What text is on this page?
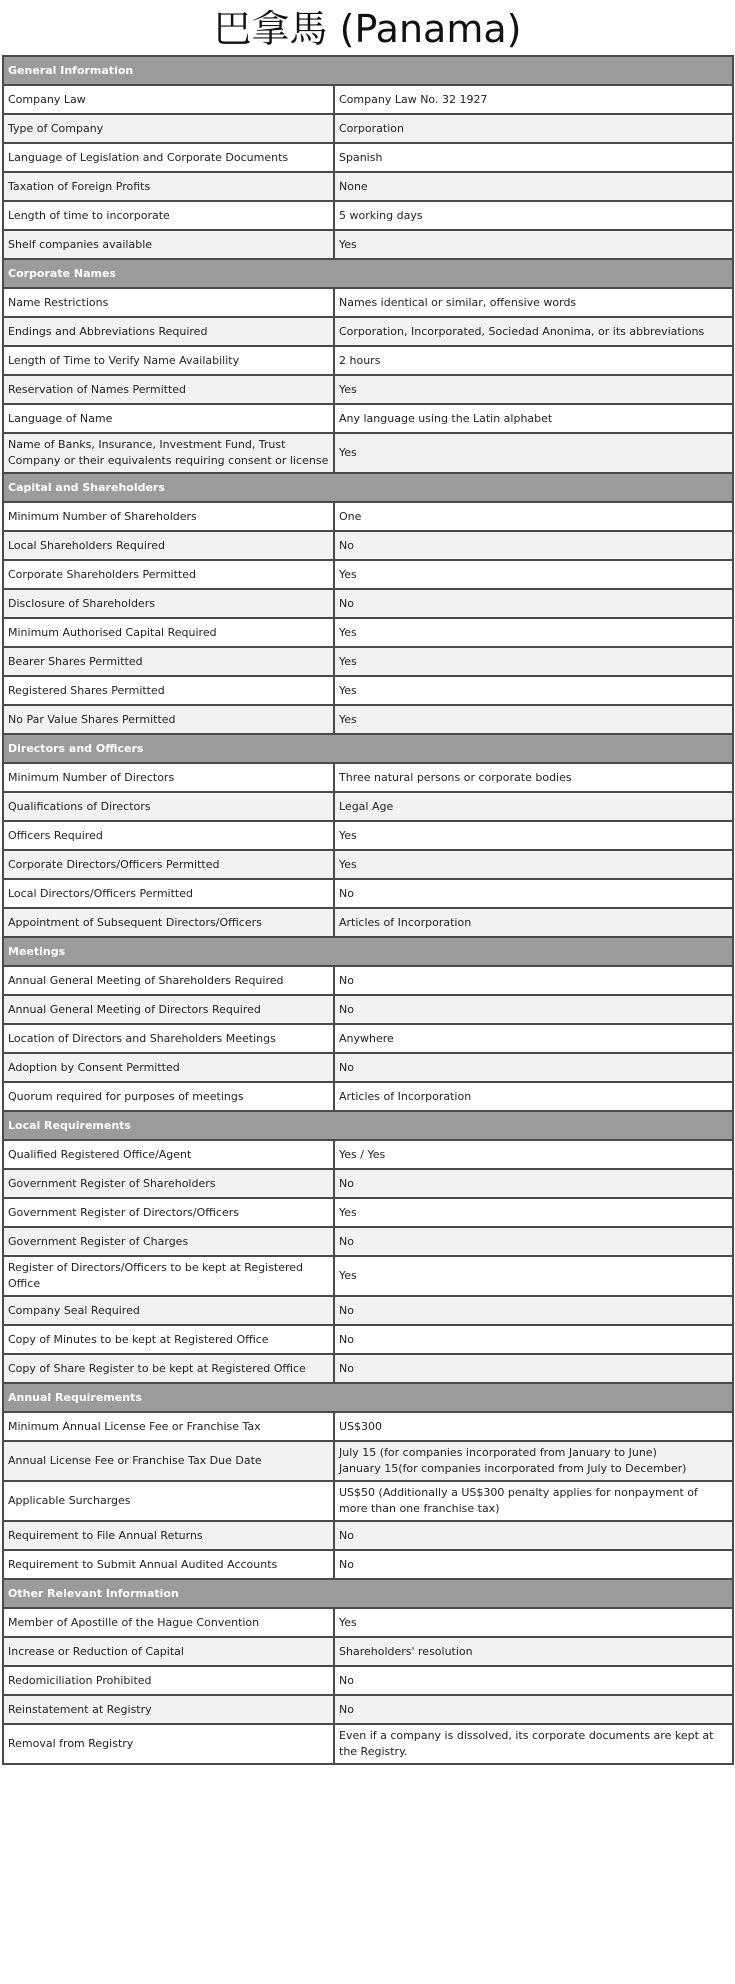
巴拿馬 (Panama)
General Information	
Company Law	Company Law No. 32 1927
Type of Company	Corporation
Language of Legislation and Corporate Documents	Spanish
Taxation of Foreign Profits	None
Length of time to incorporate	5 working days
Shelf companies available	Yes
Corporate Names	
Name Restrictions	Names identical or similar, offensive words
Endings and Abbreviations Required	Corporation, Incorporated, Sociedad Anonima, or its abbreviations
Length of Time to Verify Name Availability	2 hours
Reservation of Names Permitted	Yes
Language of Name	Any language using the Latin alphabet
Name of Banks, Insurance, Investment Fund, Trust Company or their equivalents requiring consent or license	Yes
Capital and Shareholders	
Minimum Number of Shareholders	One
Local Shareholders Required	No
Corporate Shareholders Permitted	Yes
Disclosure of Shareholders	No
Minimum Authorised Capital Required	Yes
Bearer Shares Permitted	Yes
Registered Shares Permitted	Yes
No Par Value Shares Permitted	Yes
Directors and Officers	
Minimum Number of Directors	Three natural persons or corporate bodies
Qualifications of Directors	Legal Age
Officers Required	Yes
Corporate Directors/Officers Permitted	Yes
Local Directors/Officers Permitted	No
Appointment of Subsequent Directors/Officers	Articles of Incorporation
Meetings	
Annual General Meeting of Shareholders Required	No
Annual General Meeting of Directors Required	No
Location of Directors and Shareholders Meetings	Anywhere
Adoption by Consent Permitted	No
Quorum required for purposes of meetings	Articles of Incorporation
Local Requirements	
Qualified Registered Office/Agent	Yes / Yes
Government Register of Shareholders	No
Government Register of Directors/Officers	Yes
Government Register of Charges	No
Register of Directors/Officers to be kept at Registered Office	Yes
Company Seal Required	No
Copy of Minutes to be kept at Registered Office	No
Copy of Share Register to be kept at Registered Office	No
Annual Requirements	
Minimum Annual License Fee or Franchise Tax	US$300
Annual License Fee or Franchise Tax Due Date	July 15 (for companies incorporated from January to June)
January 15(for companies incorporated from July to December)
Applicable Surcharges	US$50 (Additionally a US$300 penalty applies for nonpayment of more than one franchise tax)
Requirement to File Annual Returns	No
Requirement to Submit Annual Audited Accounts	No
Other Relevant Information	
Member of Apostille of the Hague Convention	Yes
Increase or Reduction of Capital	Shareholders' resolution
Redomiciliation Prohibited	No
Reinstatement at Registry	No
Removal from Registry	Even if a company is dissolved, its corporate documents are kept at the Registry.
